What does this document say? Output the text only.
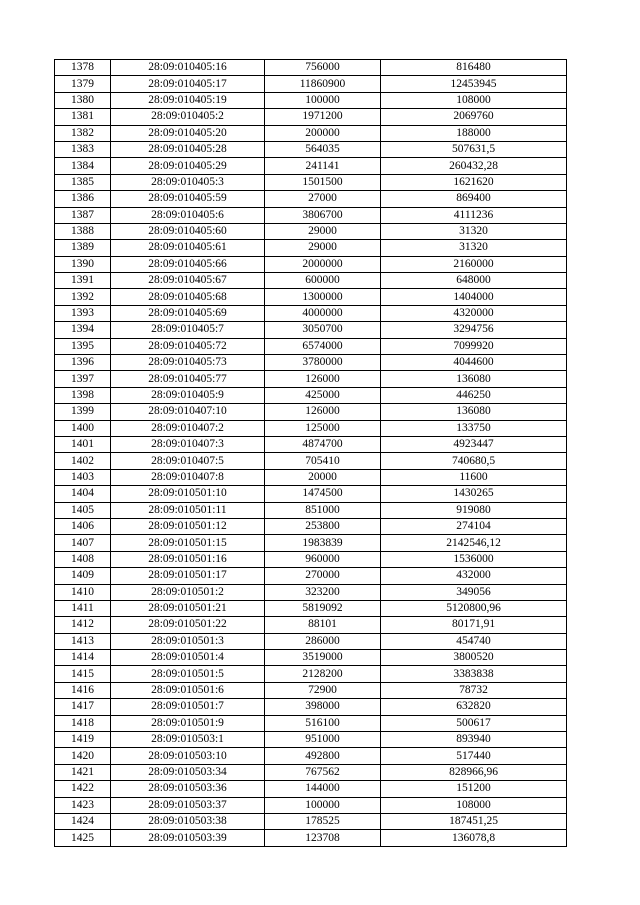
1378	28:09:010405:16	756000	816480
1379	28:09:010405:17	11860900	12453945
1380	28:09:010405:19	100000	108000
1381	28:09:010405:2	1971200	2069760
1382	28:09:010405:20	200000	188000
1383	28:09:010405:28	564035	507631,5
1384	28:09:010405:29	241141	260432,28
1385	28:09:010405:3	1501500	1621620
1386	28:09:010405:59	27000	869400
1387	28:09:010405:6	3806700	4111236
1388	28:09:010405:60	29000	31320
1389	28:09:010405:61	29000	31320
1390	28:09:010405:66	2000000	2160000
1391	28:09:010405:67	600000	648000
1392	28:09:010405:68	1300000	1404000
1393	28:09:010405:69	4000000	4320000
1394	28:09:010405:7	3050700	3294756
1395	28:09:010405:72	6574000	7099920
1396	28:09:010405:73	3780000	4044600
1397	28:09:010405:77	126000	136080
1398	28:09:010405:9	425000	446250
1399	28:09:010407:10	126000	136080
1400	28:09:010407:2	125000	133750
1401	28:09:010407:3	4874700	4923447
1402	28:09:010407:5	705410	740680,5
1403	28:09:010407:8	20000	11600
1404	28:09:010501:10	1474500	1430265
1405	28:09:010501:11	851000	919080
1406	28:09:010501:12	253800	274104
1407	28:09:010501:15	1983839	2142546,12
1408	28:09:010501:16	960000	1536000
1409	28:09:010501:17	270000	432000
1410	28:09:010501:2	323200	349056
1411	28:09:010501:21	5819092	5120800,96
1412	28:09:010501:22	88101	80171,91
1413	28:09:010501:3	286000	454740
1414	28:09:010501:4	3519000	3800520
1415	28:09:010501:5	2128200	3383838
1416	28:09:010501:6	72900	78732
1417	28:09:010501:7	398000	632820
1418	28:09:010501:9	516100	500617
1419	28:09:010503:1	951000	893940
1420	28:09:010503:10	492800	517440
1421	28:09:010503:34	767562	828966,96
1422	28:09:010503:36	144000	151200
1423	28:09:010503:37	100000	108000
1424	28:09:010503:38	178525	187451,25
1425	28:09:010503:39	123708	136078,8
